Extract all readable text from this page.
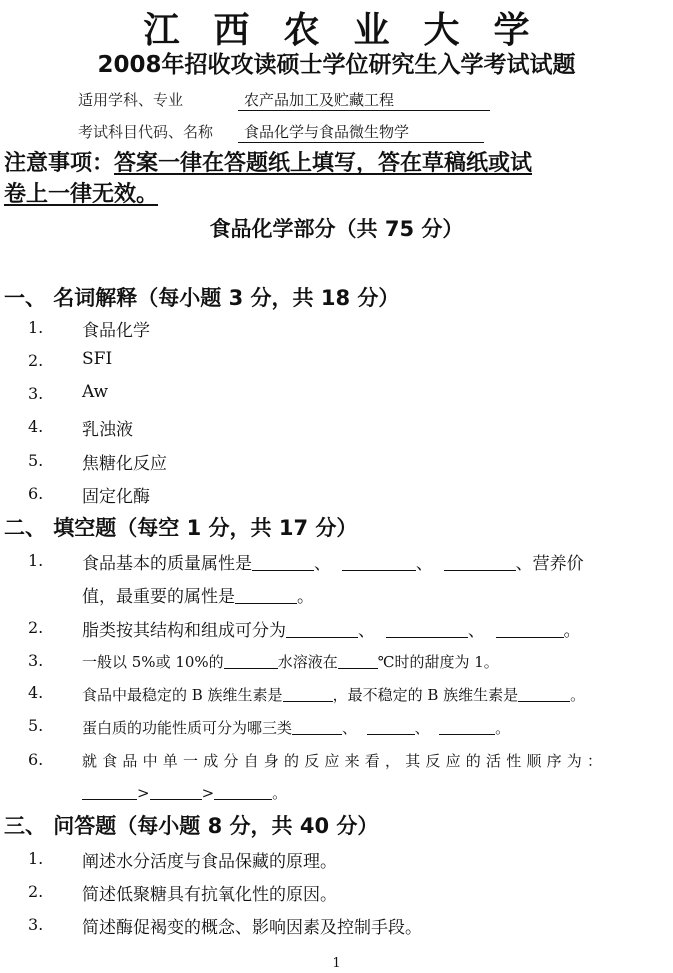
江西农业大学
2008年招收攻读硕士学位研究生入学考试试题
适用学科、专业	农产品加工及贮藏工程
考试科目代码、名称	食品化学与食品微生物学
注意事项：答案一律在答题纸上填写，答在草稿纸或试
卷上一律无效。
食品化学部分（共 75 分）
一、 名词解释（每小题 3 分，共 18 分）
1. 食品化学
2. SFI
3. Aw
4. 乳浊液
5. 焦糖化反应
6. 固定化酶
二、 填空题（每空 1 分，共 17 分）
1. 食品基本的质量属性是	、	、	、营养价
值，最重要的属性是	。
2. 脂类按其结构和组成可分为	、	、	。
3.	一般以 5%或 10%的	水溶液在	℃时的甜度为 1。
4.	食品中最稳定的 B 族维生素是	，最不稳定的 B 族维生素是	。
5.	蛋白质的功能性质可分为哪三类	、	、	。
6.	就食品中单一成分自身的反应来看，其反应的活性顺序为：
>	>	。
三、 问答题（每小题 8 分，共 40 分）
1. 阐述水分活度与食品保藏的原理。
2. 简述低聚糖具有抗氧化性的原因。
3. 简述酶促褐变的概念、影响因素及控制手段。
1
